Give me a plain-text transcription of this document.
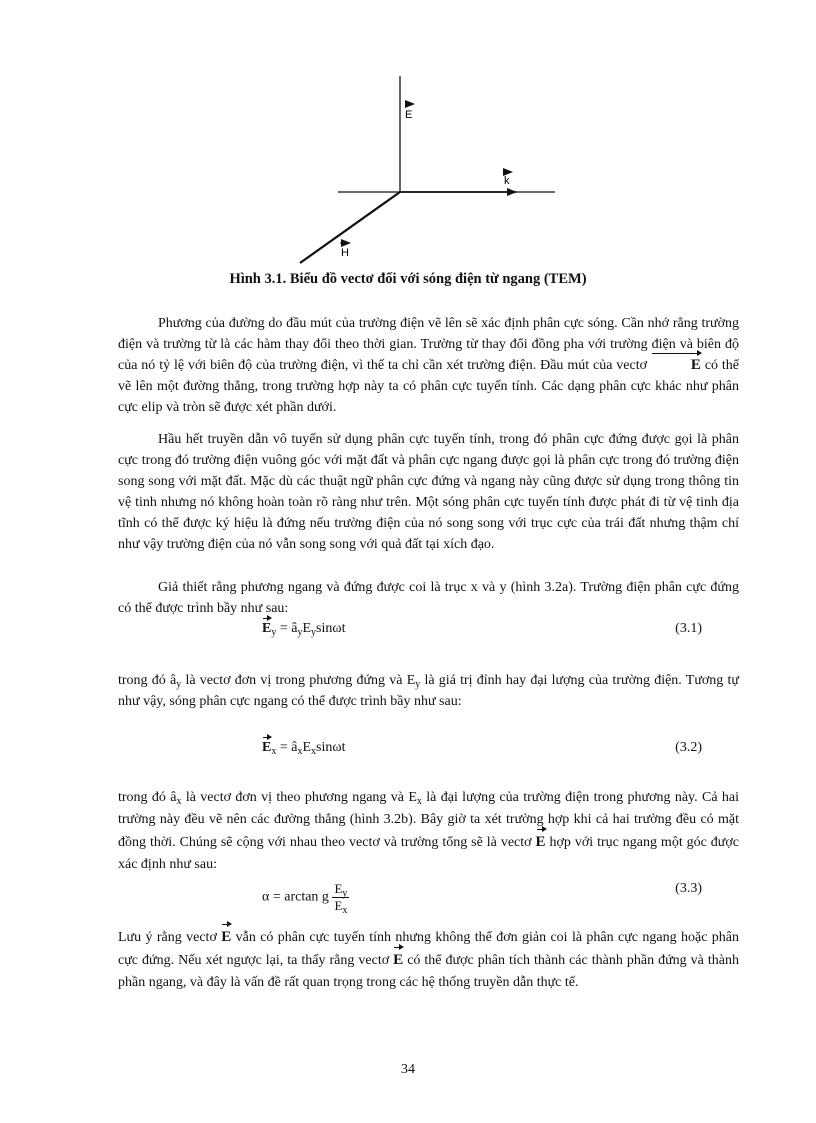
E
k
H
Hình 3.1. Biểu đồ vectơ đối với sóng điện từ ngang (TEM)
Phương của đường do đầu mút của trường điện vẽ lên sẽ xác định phân cực sóng. Cần nhớ rằng trường điện và trường từ là các hàm thay đổi theo thời gian. Trường từ thay đổi đồng pha với trường điện và biên độ của nó tỷ lệ với biên độ của trường điện, vì thế ta chỉ cần xét trường điện. Đầu mút của vectơ	E có thể vẽ lên một đường thẳng, trong trường hợp này ta có phân cực tuyến tính. Các dạng phân cực khác như phân cực elip và tròn sẽ được xét phần dưới.
Hầu hết truyền dẫn vô tuyến sử dụng phân cực tuyến tính, trong đó phân cực đứng được gọi là phân cực trong đó trường điện vuông góc với mặt đất và phân cực ngang được gọi là phân cực trong đó trường điện song song với mặt đất. Mặc dù các thuật ngữ phân cực đứng và ngang này cũng được sử dụng trong thông tin vệ tinh nhưng nó không hoàn toàn rõ ràng như trên. Một sóng phân cực tuyến tính được phát đi từ vệ tinh địa tĩnh có thể được ký hiệu là đứng nếu trường điện của nó song song với trục cực của trái đất nhưng thậm chí như vậy trường điện của nó vẫn song song với quả đất tại xích đạo.
Giả thiết rằng phương ngang và đứng được coi là trục x và y (hình 3.2a). Trường điện phân cực đứng có thể được trình bầy như sau:
$E_y$ = $â_yE_y\sin\omega t$	(3.1)
trong đó $â_y$ là vectơ đơn vị trong phương đứng và $E_y$ là giá trị đỉnh hay đại lượng của trường điện. Tương tự như vậy, sóng phân cực ngang có thể được trình bầy như sau:
$E_x$ = $â_xE_x\sin\omega t$	(3.2)
trong đó $â_x$ là vectơ đơn vị theo phương ngang và $E_x$ là đại lượng của trường điện trong phương này. Cả hai trường này đều vẽ nên các đường thẳng (hình 3.2b). Bây giờ ta xét trường hợp khi cả hai trường đều có mặt đồng thời. Chúng sẽ cộng với nhau theo vectơ và trường tổng sẽ là vectơ E hợp với trục ngang một góc được xác định như sau:
α = arctan g $\frac{E_y}{E_x}$	(3.3)
Lưu ý rằng vectơ E vẫn có phân cực tuyến tính nhưng không thể đơn giản coi là phân cực ngang hoặc phân cực đứng. Nếu xét ngược lại, ta thấy rằng vectơ E có thể được phân tích thành các thành phần đứng và thành phần ngang, và đây là vấn đề rất quan trọng trong các hệ thống truyền dẫn thực tế.
34
